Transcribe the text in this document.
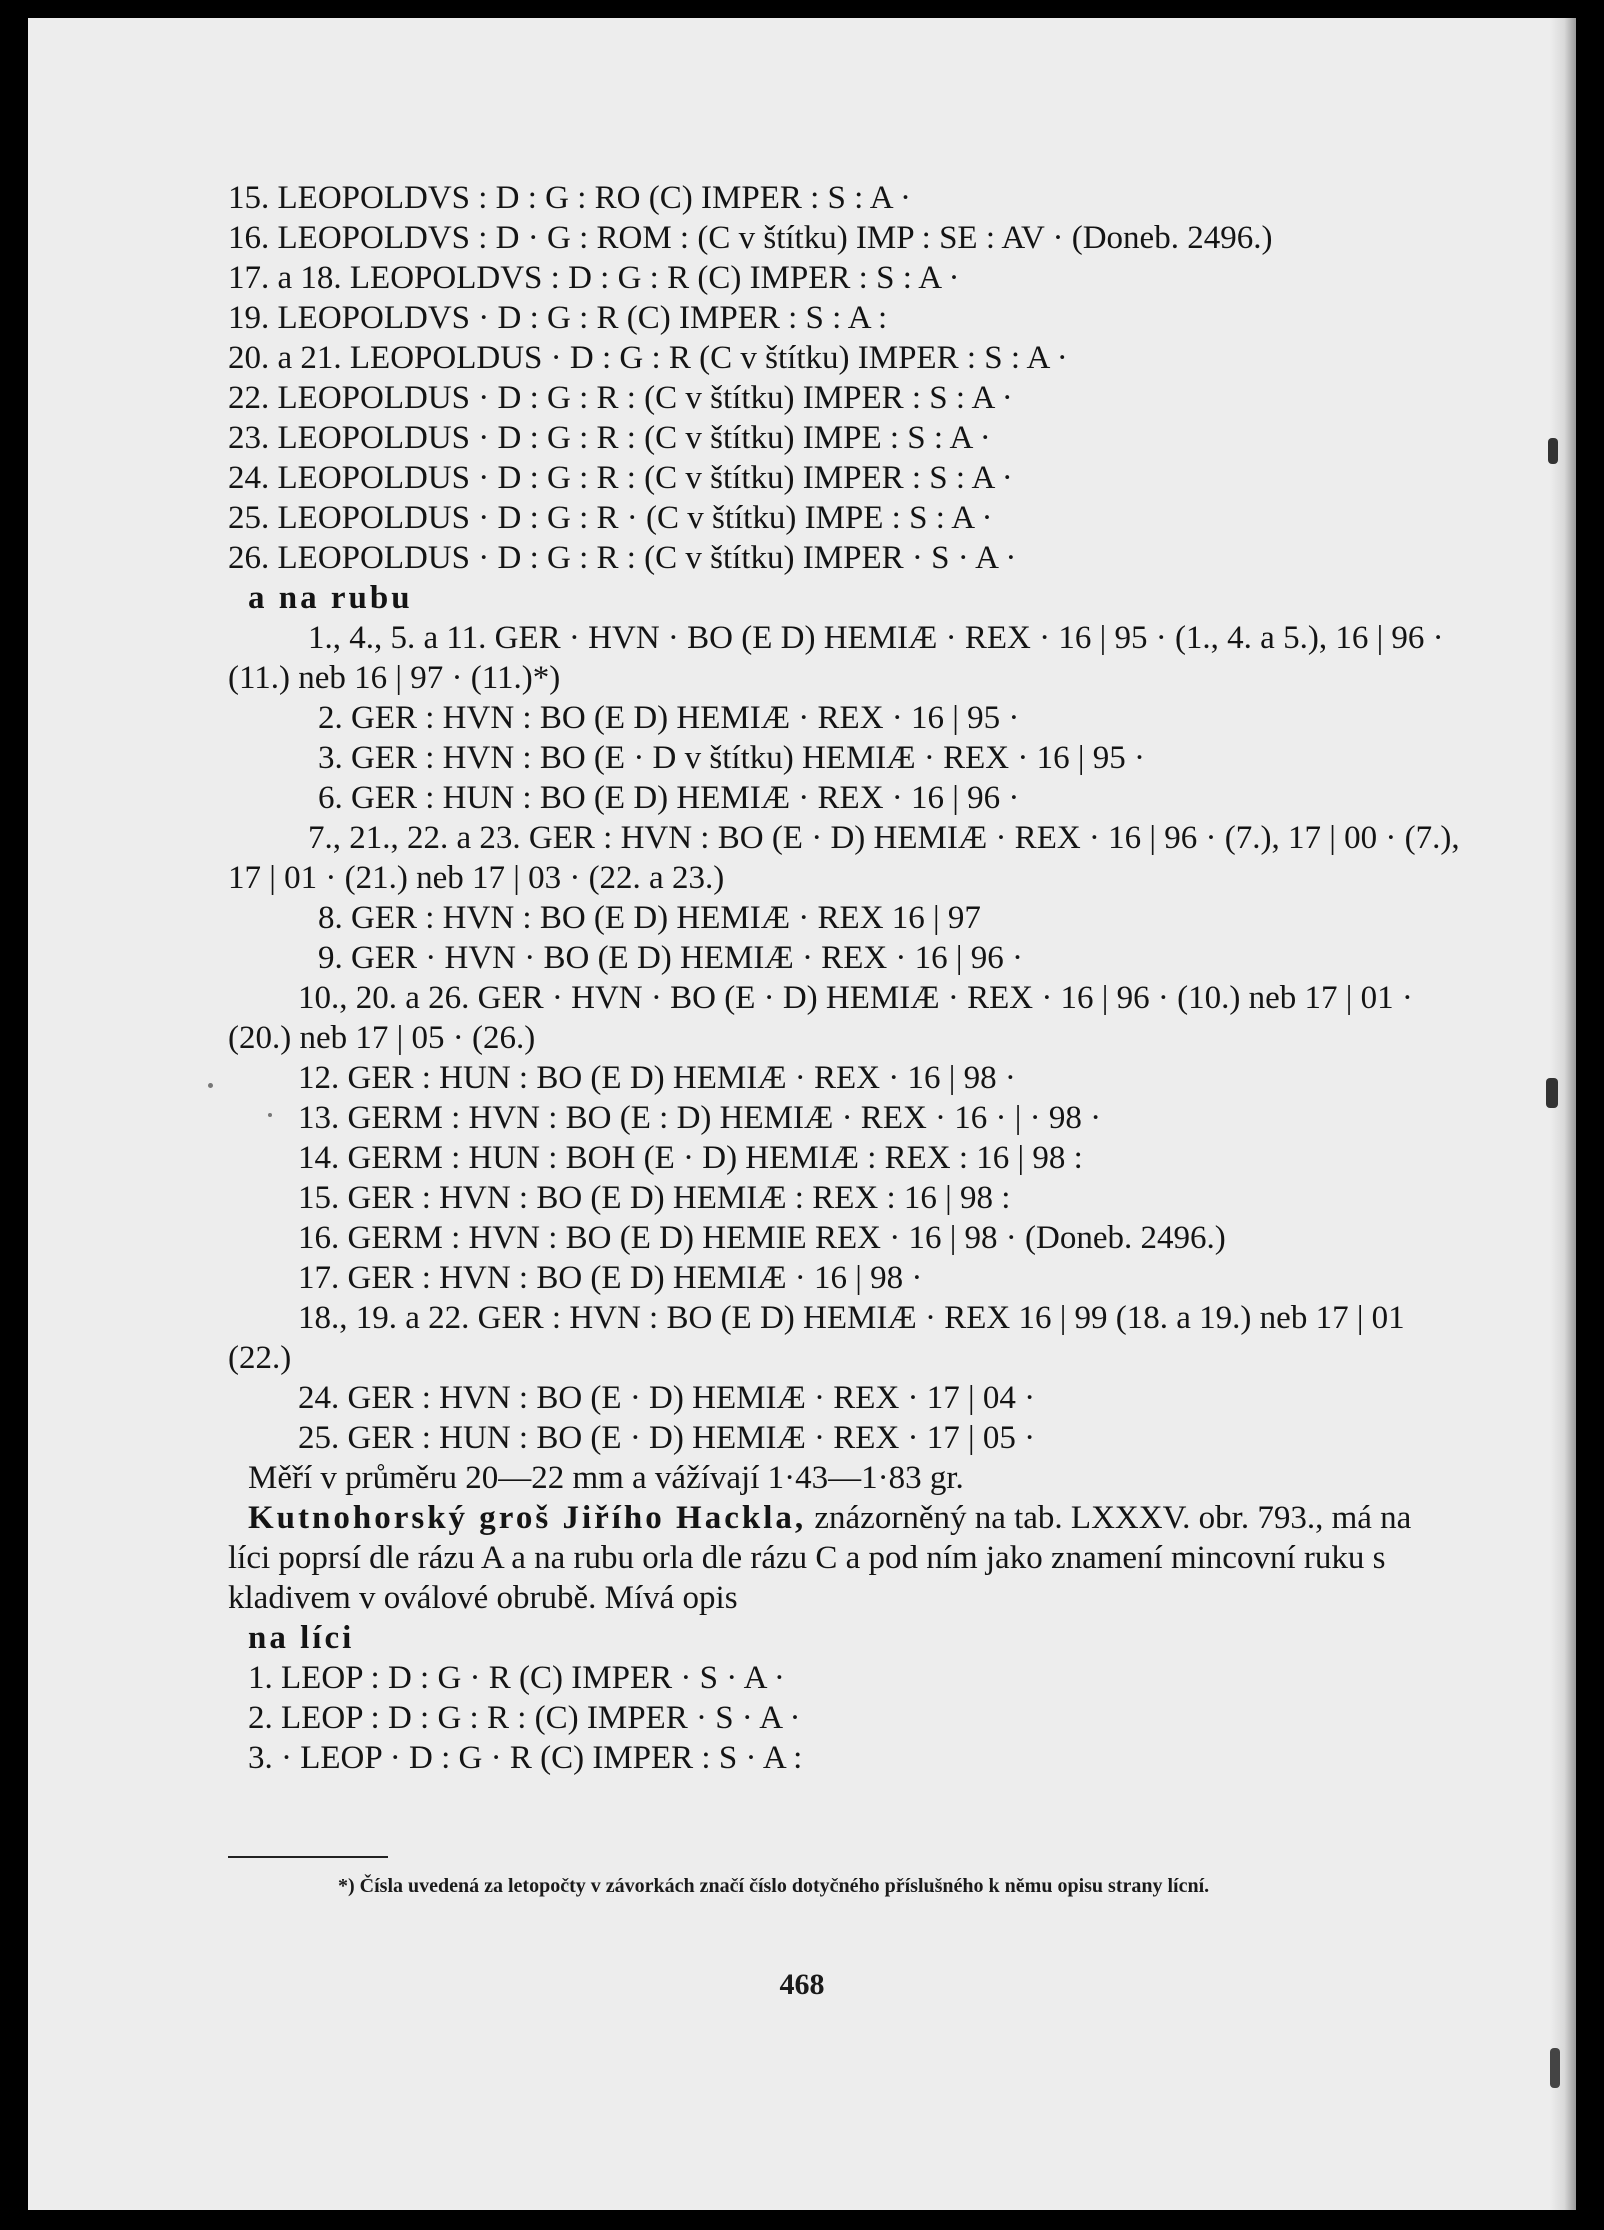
15. LEOPOLDVS : D : G : RO (C) IMPER : S : A ·
16. LEOPOLDVS : D · G : ROM : (C v štítku) IMP : SE : AV · (Doneb. 2496.)
17. a 18. LEOPOLDVS : D : G : R (C) IMPER : S : A ·
19. LEOPOLDVS · D : G : R (C) IMPER : S : A :
20. a 21. LEOPOLDUS · D : G : R (C v štítku) IMPER : S : A ·
22. LEOPOLDUS · D : G : R : (C v štítku) IMPER : S : A ·
23. LEOPOLDUS · D : G : R : (C v štítku) IMPE : S : A ·
24. LEOPOLDUS · D : G : R : (C v štítku) IMPER : S : A ·
25. LEOPOLDUS · D : G : R · (C v štítku) IMPE : S : A ·
26. LEOPOLDUS · D : G : R : (C v štítku) IMPER · S · A ·
a na rubu
1., 4., 5. a 11. GER · HVN · BO (E D) HEMIÆ · REX · 16 | 95 · (1., 4. a 5.), 16 | 96 · (11.) neb 16 | 97 · (11.)*)
2. GER : HVN : BO (E D) HEMIÆ · REX · 16 | 95 ·
3. GER : HVN : BO (E · D v štítku) HEMIÆ · REX · 16 | 95 ·
6. GER : HUN : BO (E D) HEMIÆ · REX · 16 | 96 ·
7., 21., 22. a 23. GER : HVN : BO (E · D) HEMIÆ · REX · 16 | 96 · (7.), 17 | 00 · (7.), 17 | 01 · (21.) neb 17 | 03 · (22. a 23.)
8. GER : HVN : BO (E D) HEMIÆ · REX 16 | 97
9. GER · HVN · BO (E D) HEMIÆ · REX · 16 | 96 ·
10., 20. a 26. GER · HVN · BO (E · D) HEMIÆ · REX · 16 | 96 · (10.) neb 17 | 01 · (20.) neb 17 | 05 · (26.)
12. GER : HUN : BO (E D) HEMIÆ · REX · 16 | 98 ·
13. GERM : HVN : BO (E : D) HEMIÆ · REX · 16 · | · 98 ·
14. GERM : HUN : BOH (E · D) HEMIÆ : REX : 16 | 98 :
15. GER : HVN : BO (E D) HEMIÆ : REX : 16 | 98 :
16. GERM : HVN : BO (E D) HEMIE REX · 16 | 98 · (Doneb. 2496.)
17. GER : HVN : BO (E D) HEMIÆ · 16 | 98 ·
18., 19. a 22. GER : HVN : BO (E D) HEMIÆ · REX 16 | 99 (18. a 19.) neb 17 | 01 (22.)
24. GER : HVN : BO (E · D) HEMIÆ · REX · 17 | 04 ·
25. GER : HUN : BO (E · D) HEMIÆ · REX · 17 | 05 ·
Měří v průměru 20—22 mm a vážívají 1·43—1·83 gr.
Kutnohorský groš Jiřího Hackla, znázorněný na tab. LXXXV. obr. 793., má na líci poprsí dle rázu A a na rubu orla dle rázu C a pod ním jako znamení mincovní ruku s kladivem v oválové obrubě. Mívá opis
na líci
1. LEOP : D : G · R (C) IMPER · S · A ·
2. LEOP : D : G : R : (C) IMPER · S · A ·
3. · LEOP · D : G · R (C) IMPER : S · A :
*) Čísla uvedená za letopočty v závorkách značí číslo dotyčného příslušného k němu opisu strany lícní.
468
